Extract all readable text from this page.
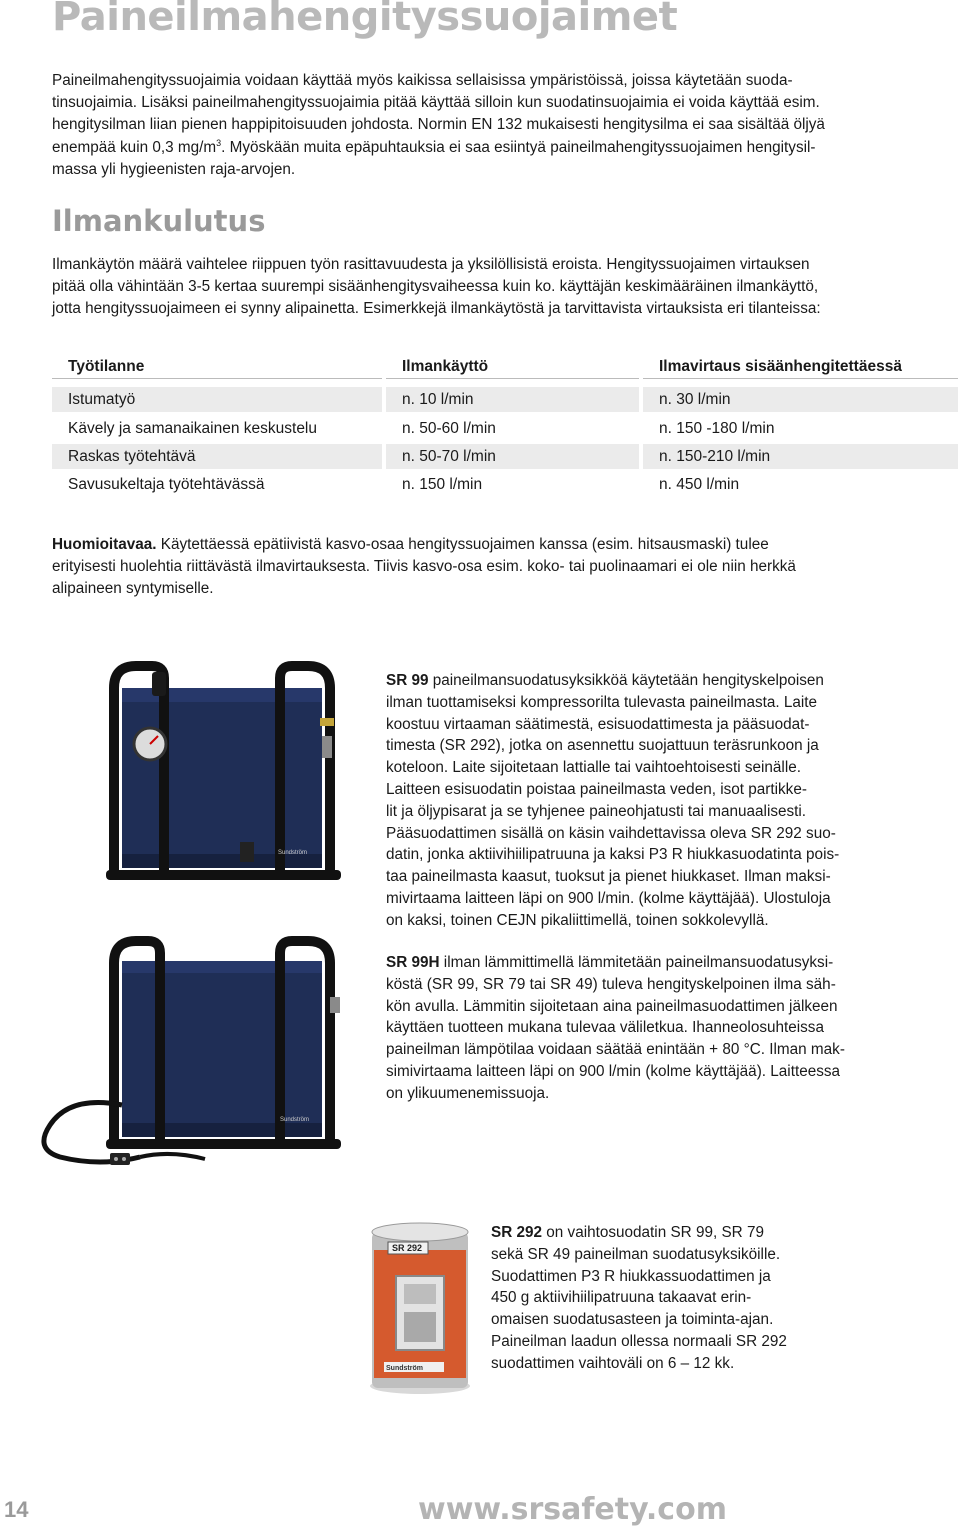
Paineilmahengityssuojaimet

Paineilmahengityssuojaimia voidaan käyttää myös kaikissa sellaisissa ympäristöissä, joissa käytetään suoda-
tinsuojaimia. Lisäksi paineilmahengityssuojaimia pitää käyttää silloin kun suodatinsuojaimia ei voida käyttää esim.
hengitysilman liian pienen happipitoisuuden johdosta. Normin EN 132 mukaisesti hengitysilma ei saa sisältää öljyä
enempää kuin 0,3 $mg/m^3$. Myöskään muita epäpuhtauksia ei saa esiintyä paineilmahengityssuojaimen hengitysil-
massa yli hygieenisten raja-arvojen.

Ilmankulutus

Ilmankäytön määrä vaihtelee riippuen työn rasittavuudesta ja yksilöllisistä eroista. Hengityssuojaimen virtauksen
pitää olla vähintään 3-5 kertaa suurempi sisäänhengitysvaiheessa kuin ko. käyttäjän keskimääräinen ilmankäyttö,
jotta hengityssuojaimeen ei synny alipainetta. Esimerkkejä ilmankäytöstä ja tarvittavista virtauksista eri tilanteissa:

Työtilanne	Ilmankäyttö	Ilmavirtaus sisäänhengitettäessä
Istumatyö	n. 10 l/min	n. 30 l/min
Kävely ja samanaikainen keskustelu	n. 50-60 l/min	n. 150 -180 l/min
Raskas työtehtävä	n. 50-70 l/min	n. 150-210 l/min
Savusukeltaja työtehtävässä	n. 150 l/min	n. 450 l/min

Huomioitavaa. Käytettäessä epätiivistä kasvo-osaa hengityssuojaimen kanssa (esim. hitsausmaski) tulee
erityisesti huolehtia riittävästä ilmavirtauksesta. Tiivis kasvo-osa esim. koko- tai puolinaamari ei ole niin herkkä
alipaineen syntymiselle.

Sundström

SR 99 paineilmansuodatusyksikköä käytetään hengityskelpoisen
ilman tuottamiseksi kompressorilta tulevasta paineilmasta. Laite
koostuu virtaaman säätimestä, esisuodattimesta ja pääsuodat-
timesta (SR 292), jotka on asennettu suojattuun teräsrunkoon ja
koteloon. Laite sijoitetaan lattialle tai vaihtoehtoisesti seinälle.
Laitteen esisuodatin poistaa paineilmasta veden, isot partikke-
lit ja öljypisarat ja se tyhjenee paineohjatusti tai manuaalisesti.
Pääsuodattimen sisällä on käsin vaihdettavissa oleva SR 292 suo-
datin, jonka aktiivihiilipatruuna ja kaksi P3 R hiukkasuodatinta pois-
taa paineilmasta kaasut, tuoksut ja pienet hiukkaset. Ilman maksi-
mivirtaama laitteen läpi on 900 l/min. (kolme käyttäjää). Ulostuloja
on kaksi, toinen CEJN pikaliittimellä, toinen sokkolevyllä.

Sundström

SR 99H ilman lämmittimellä lämmitetään paineilmansuodatusyksi-
köstä (SR 99, SR 79 tai SR 49) tuleva hengityskelpoinen ilma säh-
kön avulla. Lämmitin sijoitetaan aina paineilmasuodattimen jälkeen
käyttäen tuotteen mukana tulevaa väliletkua. Ihanneolosuhteissa
paineilman lämpötilaa voidaan säätää enintään + 80 °C. Ilman mak-
simivirtaama laitteen läpi on 900 l/min (kolme käyttäjää). Laitteessa
on ylikuumenemissuoja.

SR 292
Sundström

SR 292 on vaihtosuodatin SR 99, SR 79
sekä SR 49 paineilman suodatusyksiköille.
Suodattimen P3 R hiukkassuodattimen ja
450 g aktiivihiilipatruuna takaavat erin-
omaisen suodatusasteen ja toiminta-ajan.
Paineilman laadun ollessa normaali SR 292
suodattimen vaihtoväli on 6 – 12 kk.

14	www.srsafety.com
